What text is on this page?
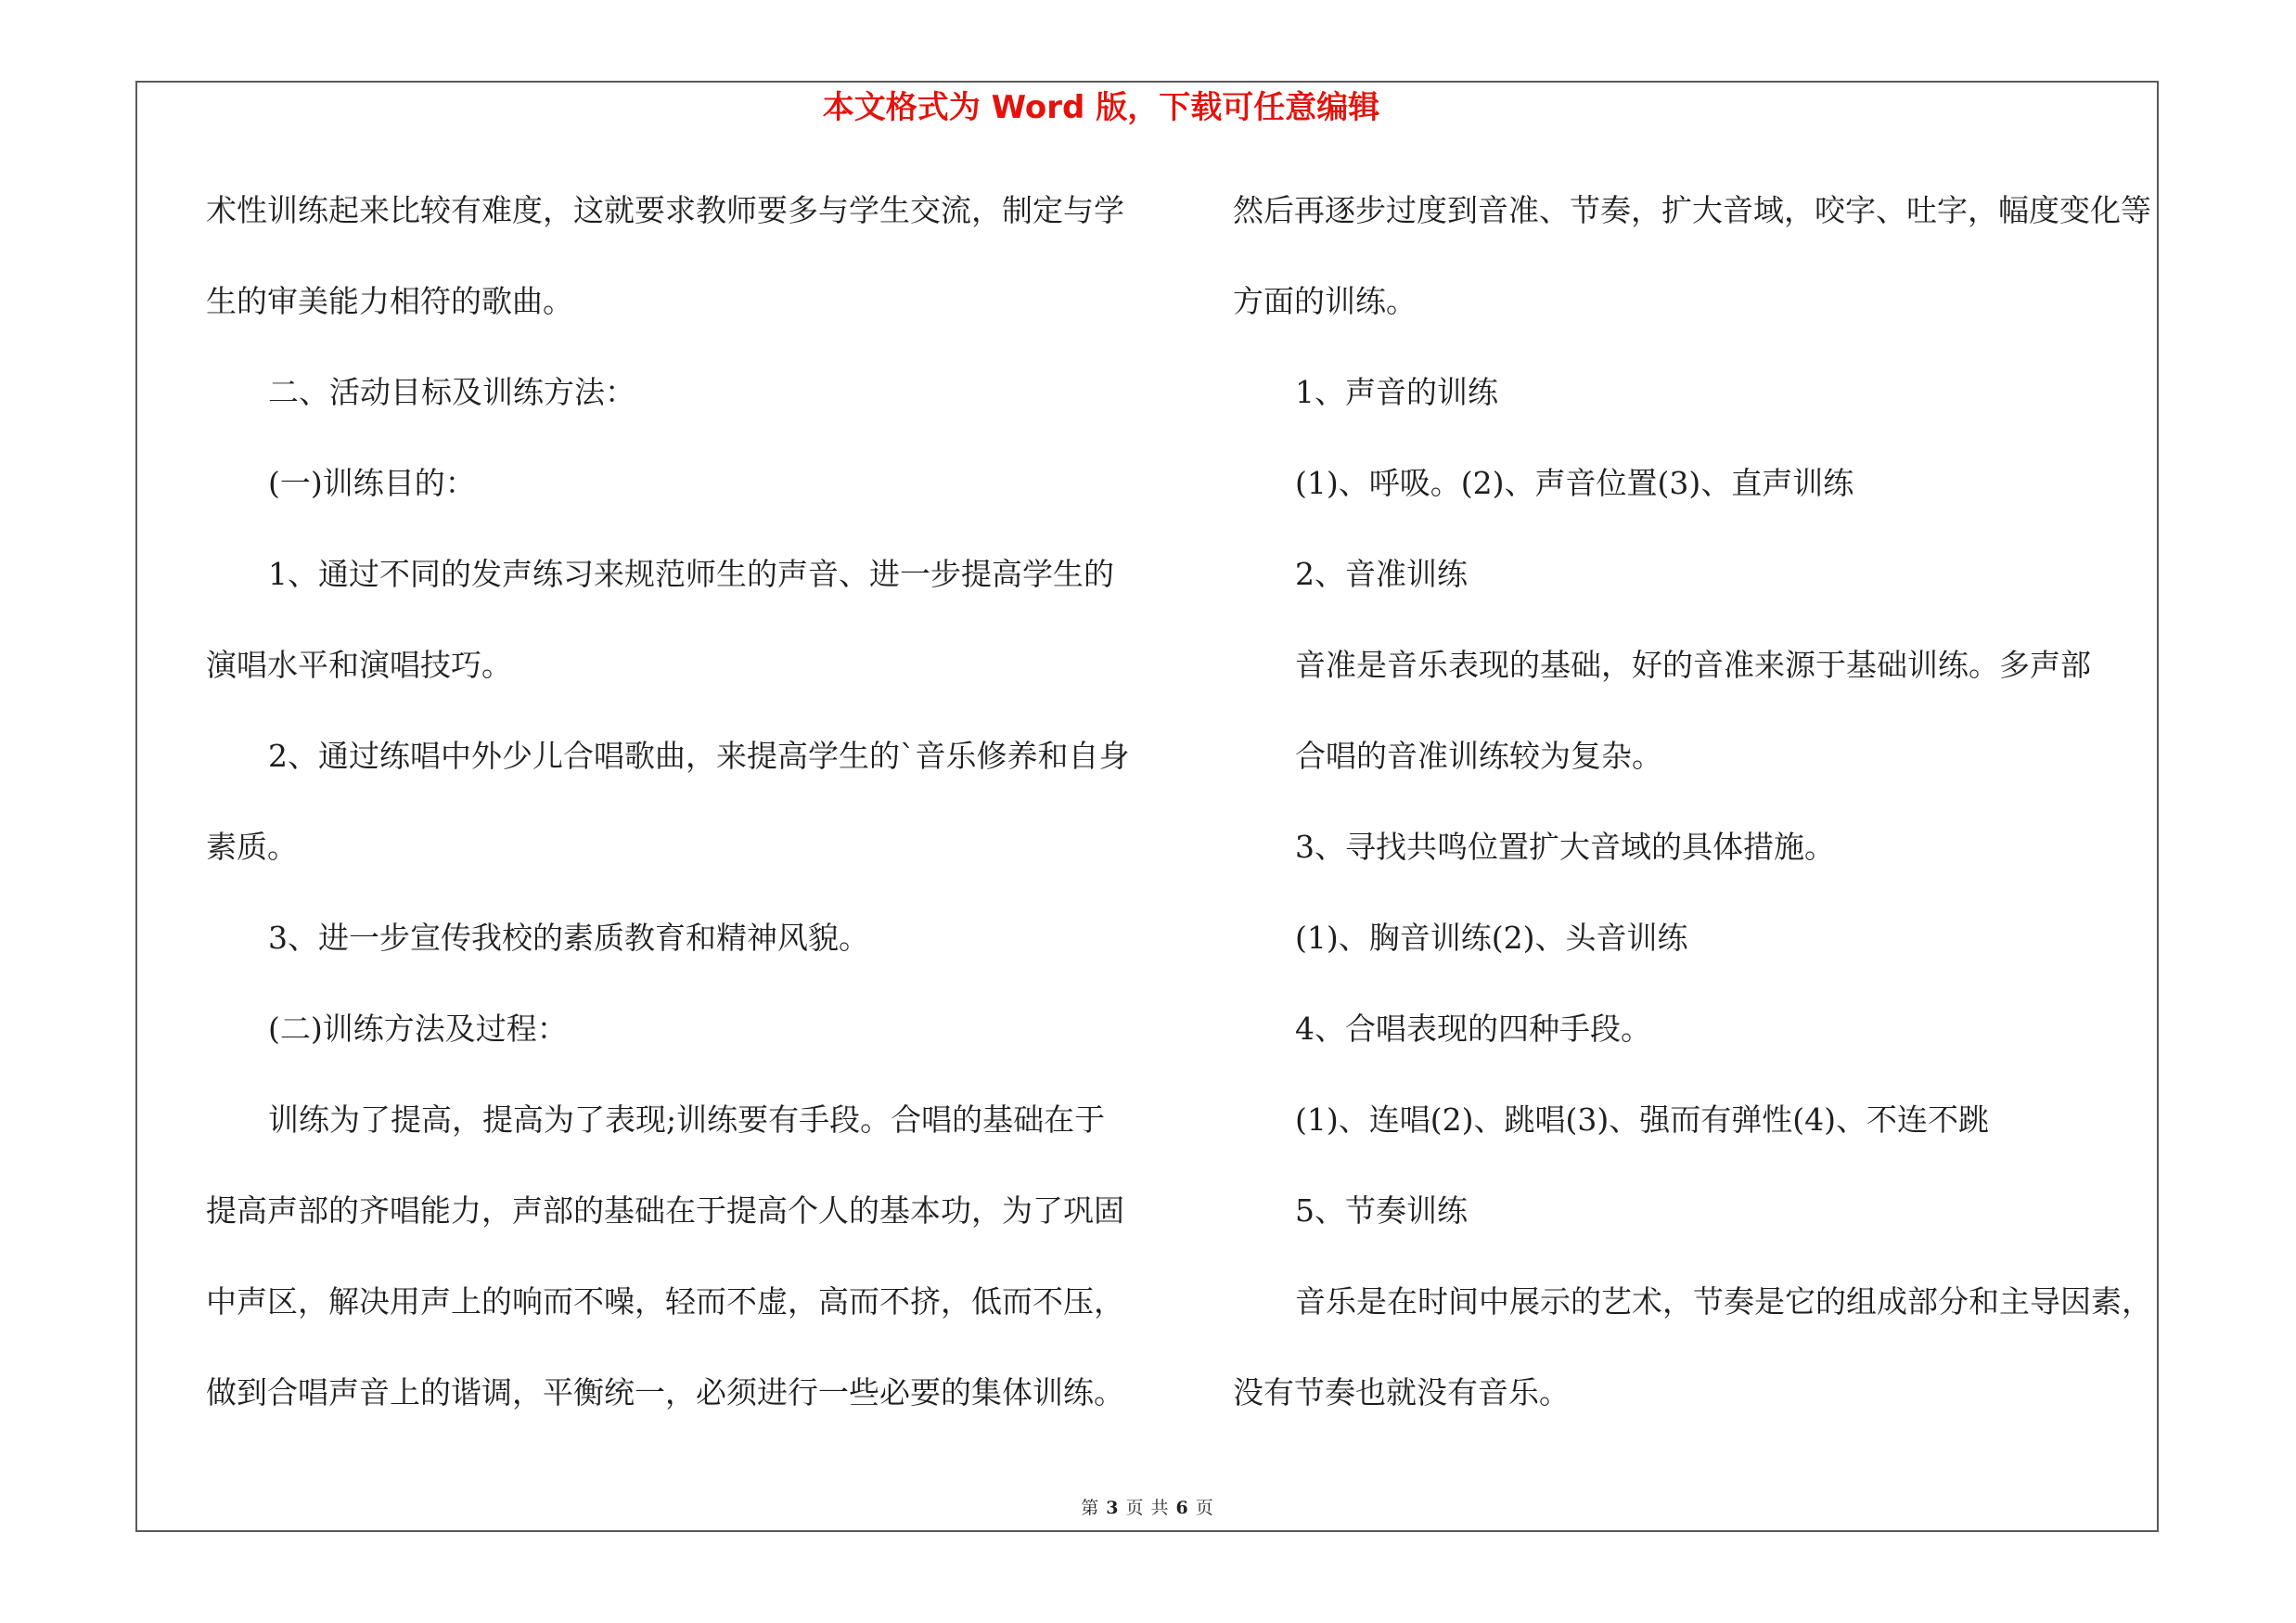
本文格式为 Word 版，下载可任意编辑
术性训练起来比较有难度，这就要求教师要多与学生交流，制定与学
生的审美能力相符的歌曲。
二、活动目标及训练方法：
(一)训练目的：
1、通过不同的发声练习来规范师生的声音、进一步提高学生的
演唱水平和演唱技巧。
2、通过练唱中外少儿合唱歌曲，来提高学生的`音乐修养和自身
素质。
3、进一步宣传我校的素质教育和精神风貌。
(二)训练方法及过程：
训练为了提高，提高为了表现;训练要有手段。合唱的基础在于
提高声部的齐唱能力，声部的基础在于提高个人的基本功，为了巩固
中声区，解决用声上的响而不噪，轻而不虚，高而不挤，低而不压，
做到合唱声音上的谐调，平衡统一，必须进行一些必要的集体训练。
然后再逐步过度到音准、节奏，扩大音域，咬字、吐字，幅度变化等
方面的训练。
1、声音的训练
(1)、呼吸。(2)、声音位置(3)、直声训练
2、音准训练
音准是音乐表现的基础，好的音准来源于基础训练。多声部
合唱的音准训练较为复杂。
3、寻找共鸣位置扩大音域的具体措施。
(1)、胸音训练(2)、头音训练
4、合唱表现的四种手段。
(1)、连唱(2)、跳唱(3)、强而有弹性(4)、不连不跳
5、节奏训练
音乐是在时间中展示的艺术，节奏是它的组成部分和主导因素，
没有节奏也就没有音乐。
第 3 页 共 6 页
